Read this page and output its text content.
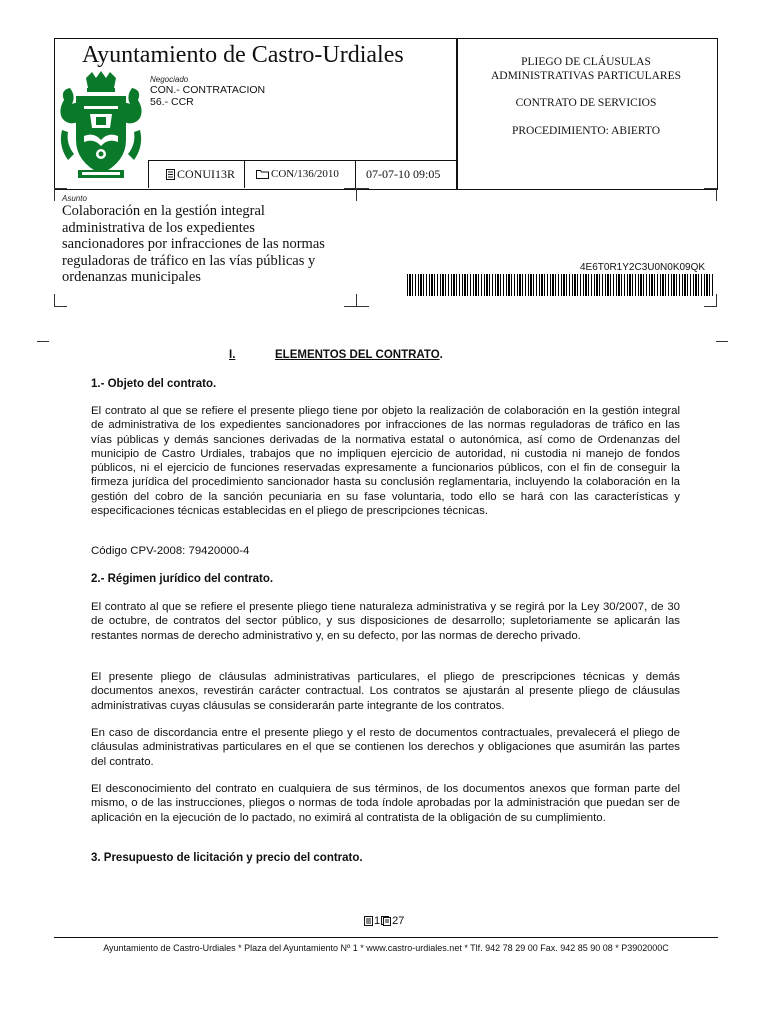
Ayuntamiento de Castro-Urdiales
Negociado
CON.- CONTRATACION
56.- CCR
CONUI13R	CON/136/2010 07-07-10 09:05
PLIEGO DE CLÁUSULAS
ADMINISTRATIVAS PARTICULARES
CONTRATO DE SERVICIOS
PROCEDIMIENTO: ABIERTO
Asunto
Colaboración en la gestión integral
administrativa de los expedientes
sancionadores por infracciones de las normas
reguladoras de tráfico en las vías públicas y
ordenanzas municipales
4E6T0R1Y2C3U0N0K09QK
I.	ELEMENTOS DEL CONTRATO.
1.- Objeto del contrato.
El contrato al que se refiere el presente pliego tiene por objeto la realización de colaboración en la gestión integral de administrativa de los expedientes sancionadores por infracciones de las normas reguladoras de tráfico en las vías públicas y demás sanciones derivadas de la normativa estatal o autonómica, así como de Ordenanzas del municipio de Castro Urdiales, trabajos que no impliquen ejercicio de autoridad, ni custodia ni manejo de fondos públicos, ni el ejercicio de funciones reservadas expresamente a funcionarios públicos, con el fin de conseguir la firmeza jurídica del procedimiento sancionador hasta su conclusión reglamentaria, incluyendo la colaboración en la gestión del cobro de la sanción pecuniaria en su fase voluntaria, todo ello se hará con las características y especificaciones técnicas establecidas en el pliego de prescripciones técnicas.
Código CPV-2008: 79420000-4
2.- Régimen jurídico del contrato.
El contrato al que se refiere el presente pliego tiene naturaleza administrativa y se regirá por la Ley 30/2007, de 30 de octubre, de contratos del sector público, y sus disposiciones de desarrollo; supletoriamente se aplicarán las restantes normas de derecho administrativo y, en su defecto, por las normas de derecho privado.
El presente pliego de cláusulas administrativas particulares, el pliego de prescripciones técnicas y demás documentos anexos, revestirán carácter contractual. Los contratos se ajustarán al presente pliego de cláusulas administrativas cuyas cláusulas se considerarán parte integrante de los contratos.
En caso de discordancia entre el presente pliego y el resto de documentos contractuales, prevalecerá el pliego de cláusulas administrativas particulares en el que se contienen los derechos y obligaciones que asumirán las partes del contrato.
El desconocimiento del contrato en cualquiera de sus términos, de los documentos anexos que forman parte del mismo, o de las instrucciones, pliegos o normas de toda índole aprobadas por la administración que puedan ser de aplicación en la ejecución de lo pactado, no eximirá al contratista de la obligación de su cumplimiento.
3. Presupuesto de licitación y precio del contrato.
1 27
Ayuntamiento de Castro-Urdiales * Plaza del Ayuntamiento Nº 1 * www.castro-urdiales.net * Tlf. 942 78 29 00 Fax. 942 85 90 08 * P3902000C
